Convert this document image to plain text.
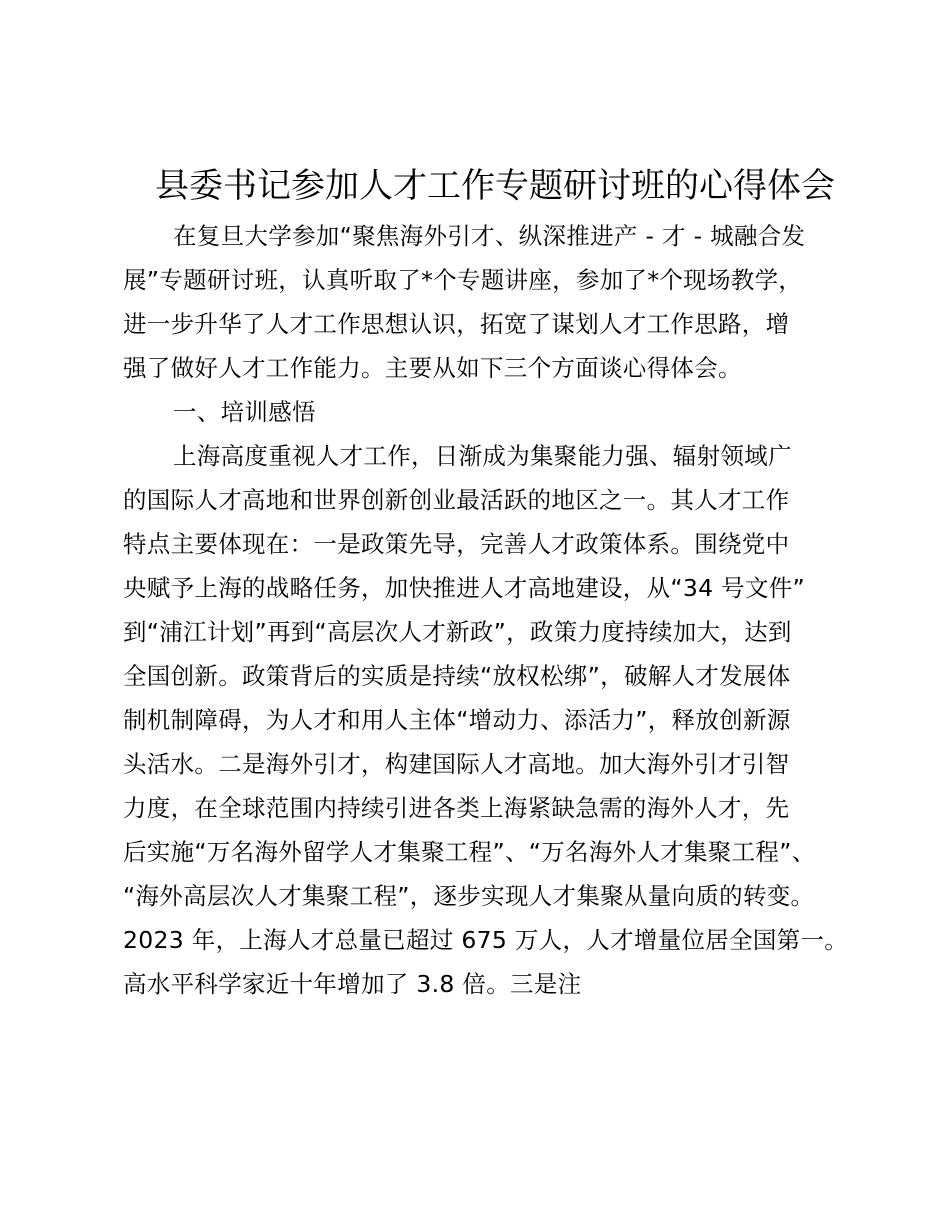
县委书记参加人才工作专题研讨班的心得体会

在复旦大学参加“聚焦海外引才、纵深推进产 - 才 - 城融合发

展”专题研讨班，认真听取了*个专题讲座，参加了*个现场教学，

进一步升华了人才工作思想认识，拓宽了谋划人才工作思路，增

强了做好人才工作能力。主要从如下三个方面谈心得体会。

一、培训感悟

上海高度重视人才工作，日渐成为集聚能力强、辐射领域广

的国际人才高地和世界创新创业最活跃的地区之一。其人才工作

特点主要体现在：一是政策先导，完善人才政策体系。围绕党中

央赋予上海的战略任务，加快推进人才高地建设，从“34 号文件”

到“浦江计划”再到“高层次人才新政”，政策力度持续加大，达到

全国创新。政策背后的实质是持续“放权松绑”，破解人才发展体

制机制障碍，为人才和用人主体“增动力、添活力”，释放创新源

头活水。二是海外引才，构建国际人才高地。加大海外引才引智

力度，在全球范围内持续引进各类上海紧缺急需的海外人才，先

后实施“万名海外留学人才集聚工程”、“万名海外人才集聚工程”、

“海外高层次人才集聚工程”，逐步实现人才集聚从量向质的转变。

2023 年，上海人才总量已超过 675 万人，人才增量位居全国第一。

高水平科学家近十年增加了 3.8 倍。三是注
